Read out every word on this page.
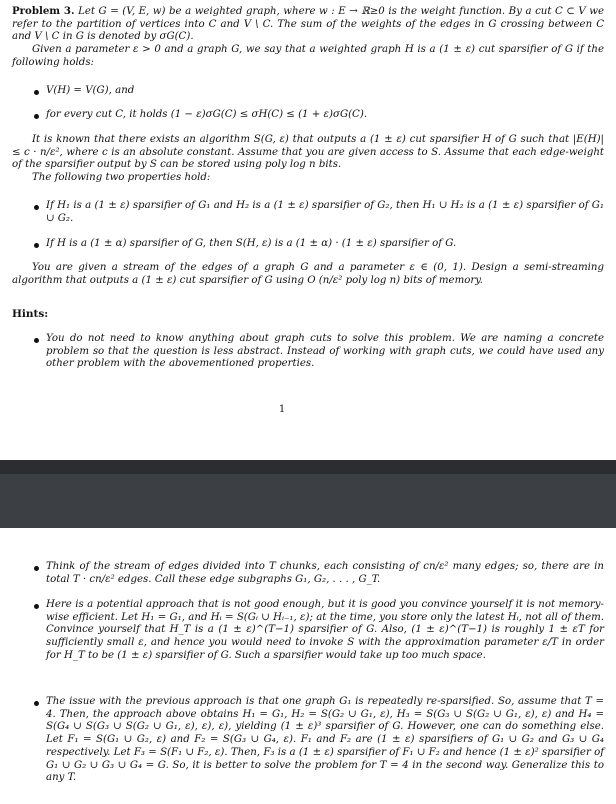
Problem 3. Let G = (V, E, w) be a weighted graph, where w : E → ℝ≥0 is the weight function. By a cut C ⊂ V we refer to the partition of vertices into C and V \ C. The sum of the weights of the edges in G crossing between C and V \ C in G is denoted by σG(C).

Given a parameter ε > 0 and a graph G, we say that a weighted graph H is a (1 ± ε) cut sparsifier of G if the following holds:

V(H) = V(G), and
for every cut C, it holds (1 − ε)σG(C) ≤ σH(C) ≤ (1 + ε)σG(C).

It is known that there exists an algorithm S(G, ε) that outputs a (1 ± ε) cut sparsifier H of G such that |E(H)| ≤ c · n/ε², where c is an absolute constant. Assume that you are given access to S. Assume that each edge-weight of the sparsifier output by S can be stored using poly log n bits.

The following two properties hold:

If H₁ is a (1 ± ε) sparsifier of G₁ and H₂ is a (1 ± ε) sparsifier of G₂, then H₁ ∪ H₂ is a (1 ± ε) sparsifier of G₁ ∪ G₂.
If H is a (1 ± α) sparsifier of G, then S(H, ε) is a (1 ± α) · (1 ± ε) sparsifier of G.

You are given a stream of the edges of a graph G and a parameter ε ∈ (0, 1). Design a semi-streaming algorithm that outputs a (1 ± ε) cut sparsifier of G using O (n/ε² poly log n) bits of memory.

Hints:
You do not need to know anything about graph cuts to solve this problem. We are naming a concrete problem so that the question is less abstract. Instead of working with graph cuts, we could have used any other problem with the abovementioned properties.
1
Think of the stream of edges divided into T chunks, each consisting of cn/ε² many edges; so, there are in total T · cn/ε² edges. Call these edge subgraphs G₁, G₂, . . . , G_T.
Here is a potential approach that is not good enough, but it is good you convince yourself it is not memory-wise efficient. Let H₁ = G₁, and Hᵢ = S(Gᵢ ∪ Hᵢ₋₁, ε); at the time, you store only the latest Hᵢ, not all of them. Convince yourself that H_T is a (1 ± ε)^(T−1) sparsifier of G. Also, (1 ± ε)^(T−1) is roughly 1 ± εT for sufficiently small ε, and hence you would need to invoke S with the approximation parameter ε/T in order for H_T to be (1 ± ε) sparsifier of G. Such a sparsifier would take up too much space.
The issue with the previous approach is that one graph G₁ is repeatedly re-sparsified. So, assume that T = 4. Then, the approach above obtains H₁ = G₁, H₂ = S(G₂ ∪ G₁, ε), H₃ = S(G₃ ∪ S(G₂ ∪ G₁, ε), ε) and H₄ = S(G₄ ∪ S(G₃ ∪ S(G₂ ∪ G₁, ε), ε), ε), yielding (1 ± ε)³ sparsifier of G. However, one can do something else. Let F₁ = S(G₁ ∪ G₂, ε) and F₂ = S(G₃ ∪ G₄, ε). F₁ and F₂ are (1 ± ε) sparsifiers of G₁ ∪ G₂ and G₃ ∪ G₄ respectively. Let F₃ = S(F₁ ∪ F₂, ε). Then, F₃ is a (1 ± ε) sparsifier of F₁ ∪ F₂ and hence (1 ± ε)² sparsifier of G₁ ∪ G₂ ∪ G₃ ∪ G₄ = G. So, it is better to solve the problem for T = 4 in the second way. Generalize this to any T.
